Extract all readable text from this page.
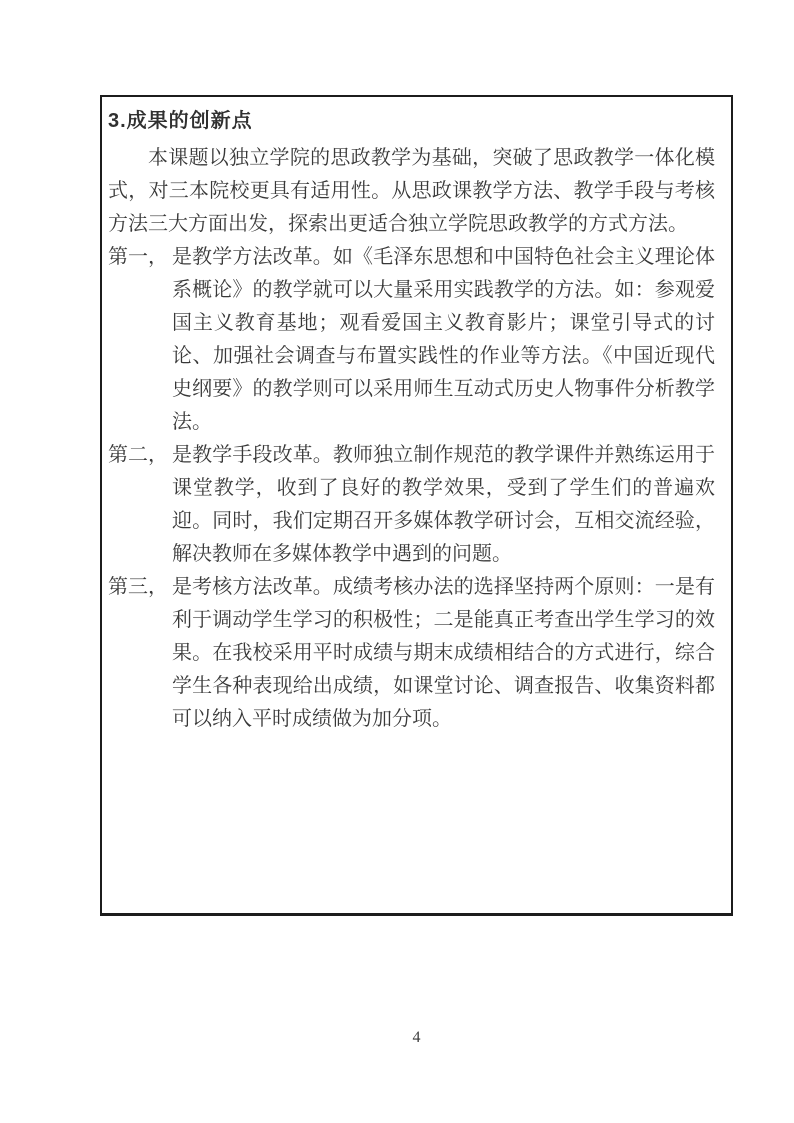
3.成果的创新点

本课题以独立学院的思政教学为基础，突破了思政教学一体化模式，对三本院校更具有适用性。从思政课教学方法、教学手段与考核方法三大方面出发，探索出更适合独立学院思政教学的方式方法。

第一， 是教学方法改革。如《毛泽东思想和中国特色社会主义理论体系概论》的教学就可以大量采用实践教学的方法。如：参观爱国主义教育基地；观看爱国主义教育影片；课堂引导式的讨论、加强社会调查与布置实践性的作业等方法。《中国近现代史纲要》的教学则可以采用师生互动式历史人物事件分析教学法。
第二， 是教学手段改革。教师独立制作规范的教学课件并熟练运用于课堂教学，收到了良好的教学效果，受到了学生们的普遍欢迎。同时，我们定期召开多媒体教学研讨会，互相交流经验，解决教师在多媒体教学中遇到的问题。
第三， 是考核方法改革。成绩考核办法的选择坚持两个原则：一是有利于调动学生学习的积极性；二是能真正考查出学生学习的效果。在我校采用平时成绩与期末成绩相结合的方式进行，综合学生各种表现给出成绩，如课堂讨论、调查报告、收集资料都可以纳入平时成绩做为加分项。
4
